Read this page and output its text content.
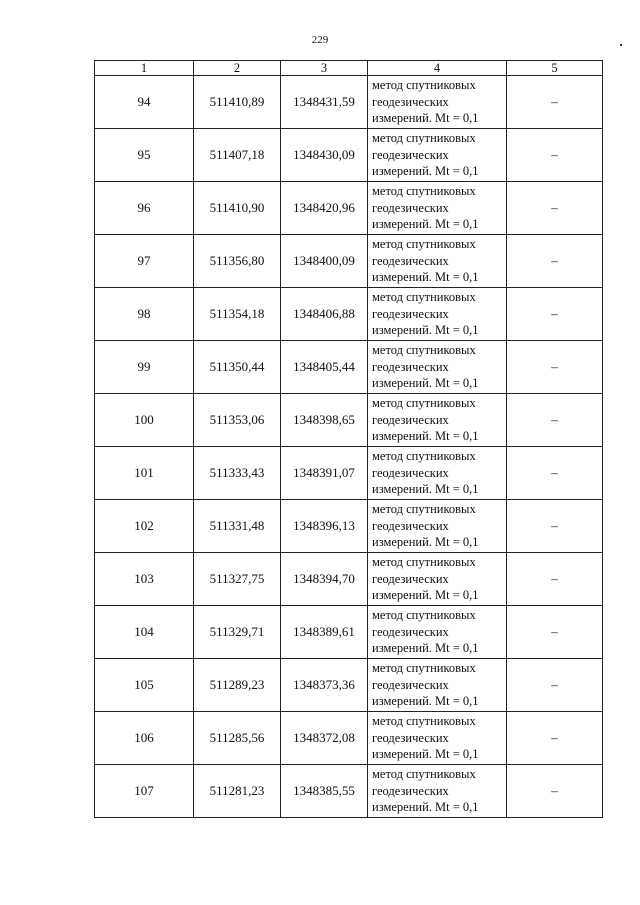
229
1	2	3	4	5
94	511410,89	1348431,59	метод спутниковых
геодезических
измерений. Mt = 0,1	–
95	511407,18	1348430,09	метод спутниковых
геодезических
измерений. Mt = 0,1	–
96	511410,90	1348420,96	метод спутниковых
геодезических
измерений. Mt = 0,1	–
97	511356,80	1348400,09	метод спутниковых
геодезических
измерений. Mt = 0,1	–
98	511354,18	1348406,88	метод спутниковых
геодезических
измерений. Mt = 0,1	–
99	511350,44	1348405,44	метод спутниковых
геодезических
измерений. Mt = 0,1	–
100	511353,06	1348398,65	метод спутниковых
геодезических
измерений. Mt = 0,1	–
101	511333,43	1348391,07	метод спутниковых
геодезических
измерений. Mt = 0,1	–
102	511331,48	1348396,13	метод спутниковых
геодезических
измерений. Mt = 0,1	–
103	511327,75	1348394,70	метод спутниковых
геодезических
измерений. Mt = 0,1	–
104	511329,71	1348389,61	метод спутниковых
геодезических
измерений. Mt = 0,1	–
105	511289,23	1348373,36	метод спутниковых
геодезических
измерений. Mt = 0,1	–
106	511285,56	1348372,08	метод спутниковых
геодезических
измерений. Mt = 0,1	–
107	511281,23	1348385,55	метод спутниковых
геодезических
измерений. Mt = 0,1	–
